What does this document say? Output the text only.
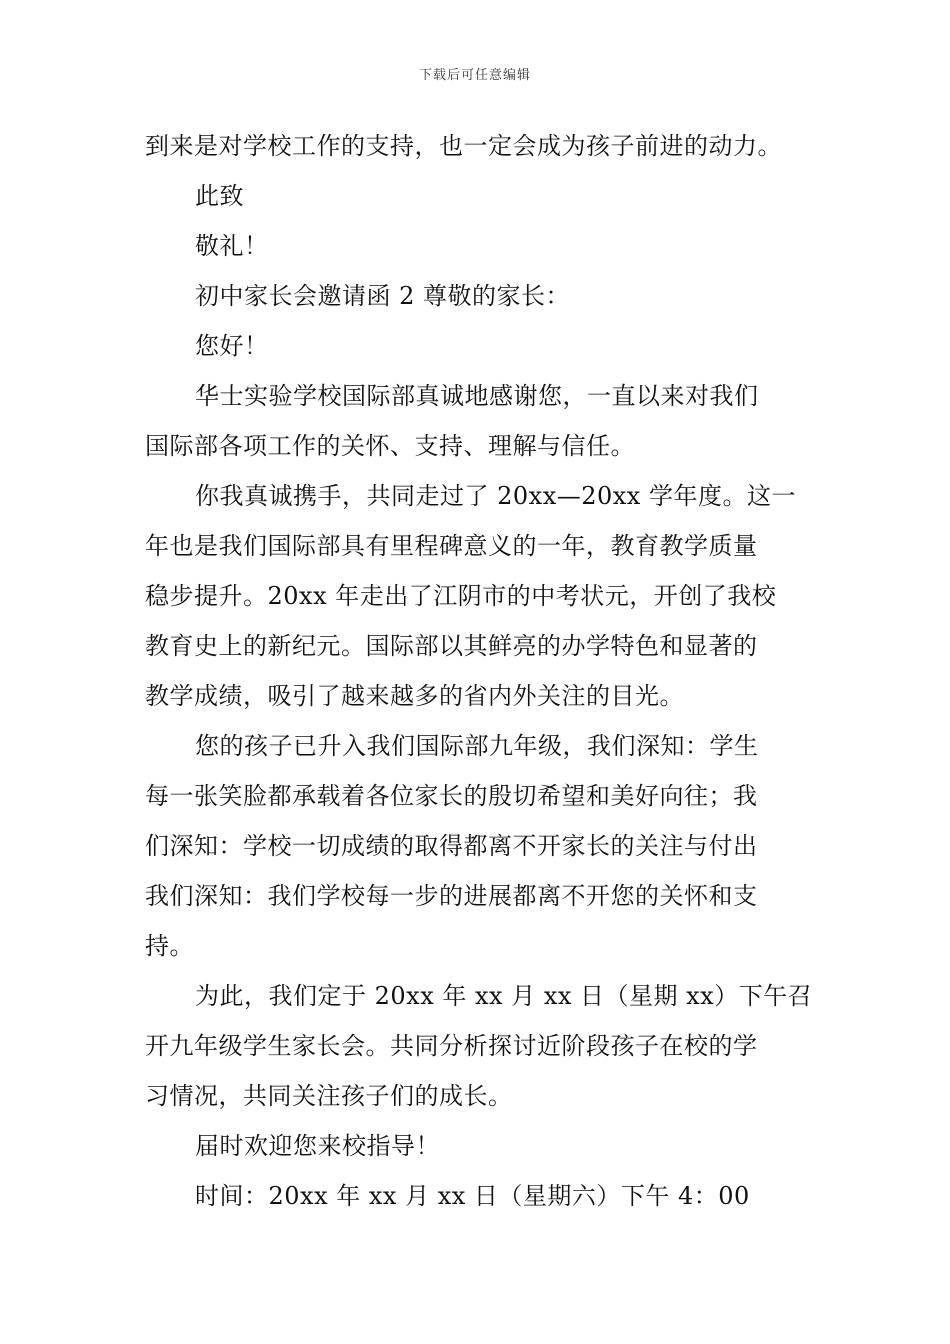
下载后可任意编辑
到来是对学校工作的支持，也一定会成为孩子前进的动力。
此致
敬礼！
初中家长会邀请函 2 尊敬的家长：
您好！
华士实验学校国际部真诚地感谢您，一直以来对我们
国际部各项工作的关怀、支持、理解与信任。
你我真诚携手，共同走过了 20xx—20xx 学年度。这一
年也是我们国际部具有里程碑意义的一年，教育教学质量
稳步提升。20xx 年走出了江阴市的中考状元，开创了我校
教育史上的新纪元。国际部以其鲜亮的办学特色和显著的
教学成绩，吸引了越来越多的省内外关注的目光。
您的孩子已升入我们国际部九年级，我们深知：学生
每一张笑脸都承载着各位家长的殷切希望和美好向往；我
们深知：学校一切成绩的取得都离不开家长的关注与付出
我们深知：我们学校每一步的进展都离不开您的关怀和支
持。
为此，我们定于 20xx 年 xx 月 xx 日（星期 xx）下午召
开九年级学生家长会。共同分析探讨近阶段孩子在校的学
习情况，共同关注孩子们的成长。
届时欢迎您来校指导！
时间：20xx 年 xx 月 xx 日（星期六）下午 4：00
